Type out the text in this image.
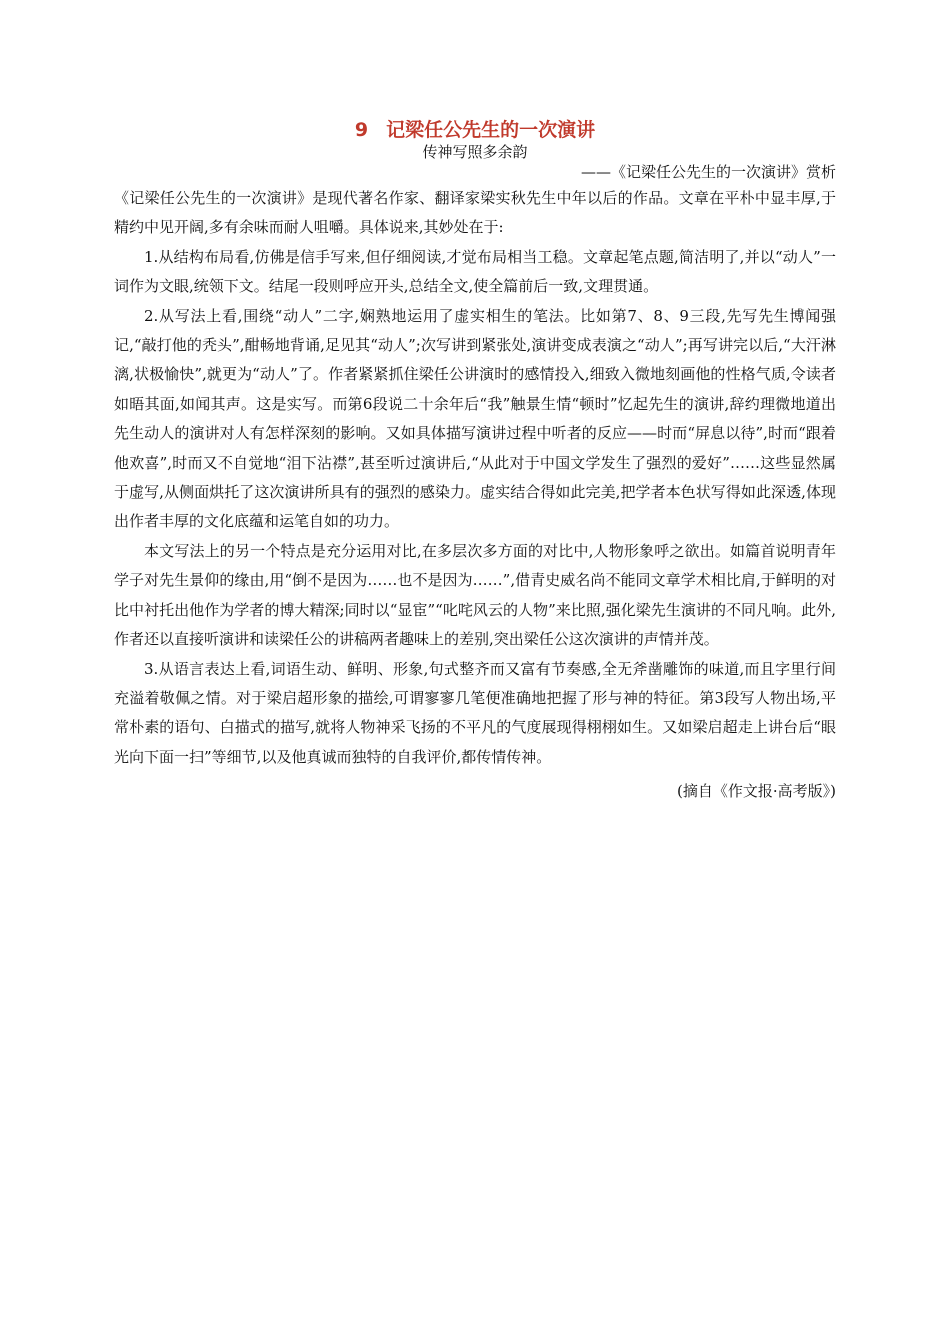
9 记梁任公先生的一次演讲

传神写照多余韵

——《记梁任公先生的一次演讲》赏析

《记梁任公先生的一次演讲》是现代著名作家、翻译家梁实秋先生中年以后的作品。文章在平朴中显丰厚,于精约中见开阔,多有余味而耐人咀嚼。具体说来,其妙处在于:

1.从结构布局看,仿佛是信手写来,但仔细阅读,才觉布局相当工稳。文章起笔点题,简洁明了,并以“动人”一词作为文眼,统领下文。结尾一段则呼应开头,总结全文,使全篇前后一致,文理贯通。

2.从写法上看,围绕“动人”二字,娴熟地运用了虚实相生的笔法。比如第7、8、9三段,先写先生博闻强记,“敲打他的秃头”,酣畅地背诵,足见其“动人”;次写讲到紧张处,演讲变成表演之“动人”;再写讲完以后,“大汗淋漓,状极愉快”,就更为“动人”了。作者紧紧抓住梁任公讲演时的感情投入,细致入微地刻画他的性格气质,令读者如晤其面,如闻其声。这是实写。而第6段说二十余年后“我”触景生情“顿时”忆起先生的演讲,辞约理微地道出先生动人的演讲对人有怎样深刻的影响。又如具体描写演讲过程中听者的反应——时而“屏息以待”,时而“跟着他欢喜”,时而又不自觉地“泪下沾襟”,甚至听过演讲后,“从此对于中国文学发生了强烈的爱好”……这些显然属于虚写,从侧面烘托了这次演讲所具有的强烈的感染力。虚实结合得如此完美,把学者本色状写得如此深透,体现出作者丰厚的文化底蕴和运笔自如的功力。

本文写法上的另一个特点是充分运用对比,在多层次多方面的对比中,人物形象呼之欲出。如篇首说明青年学子对先生景仰的缘由,用“倒不是因为……也不是因为……”,借青史威名尚不能同文章学术相比肩,于鲜明的对比中衬托出他作为学者的博大精深;同时以“显宦”“叱咤风云的人物”来比照,强化梁先生演讲的不同凡响。此外,作者还以直接听演讲和读梁任公的讲稿两者趣味上的差别,突出梁任公这次演讲的声情并茂。

3.从语言表达上看,词语生动、鲜明、形象,句式整齐而又富有节奏感,全无斧凿雕饰的味道,而且字里行间充溢着敬佩之情。对于梁启超形象的描绘,可谓寥寥几笔便准确地把握了形与神的特征。第3段写人物出场,平常朴素的语句、白描式的描写,就将人物神采飞扬的不平凡的气度展现得栩栩如生。又如梁启超走上讲台后“眼光向下面一扫”等细节,以及他真诚而独特的自我评价,都传情传神。

(摘自《作文报·高考版》)
